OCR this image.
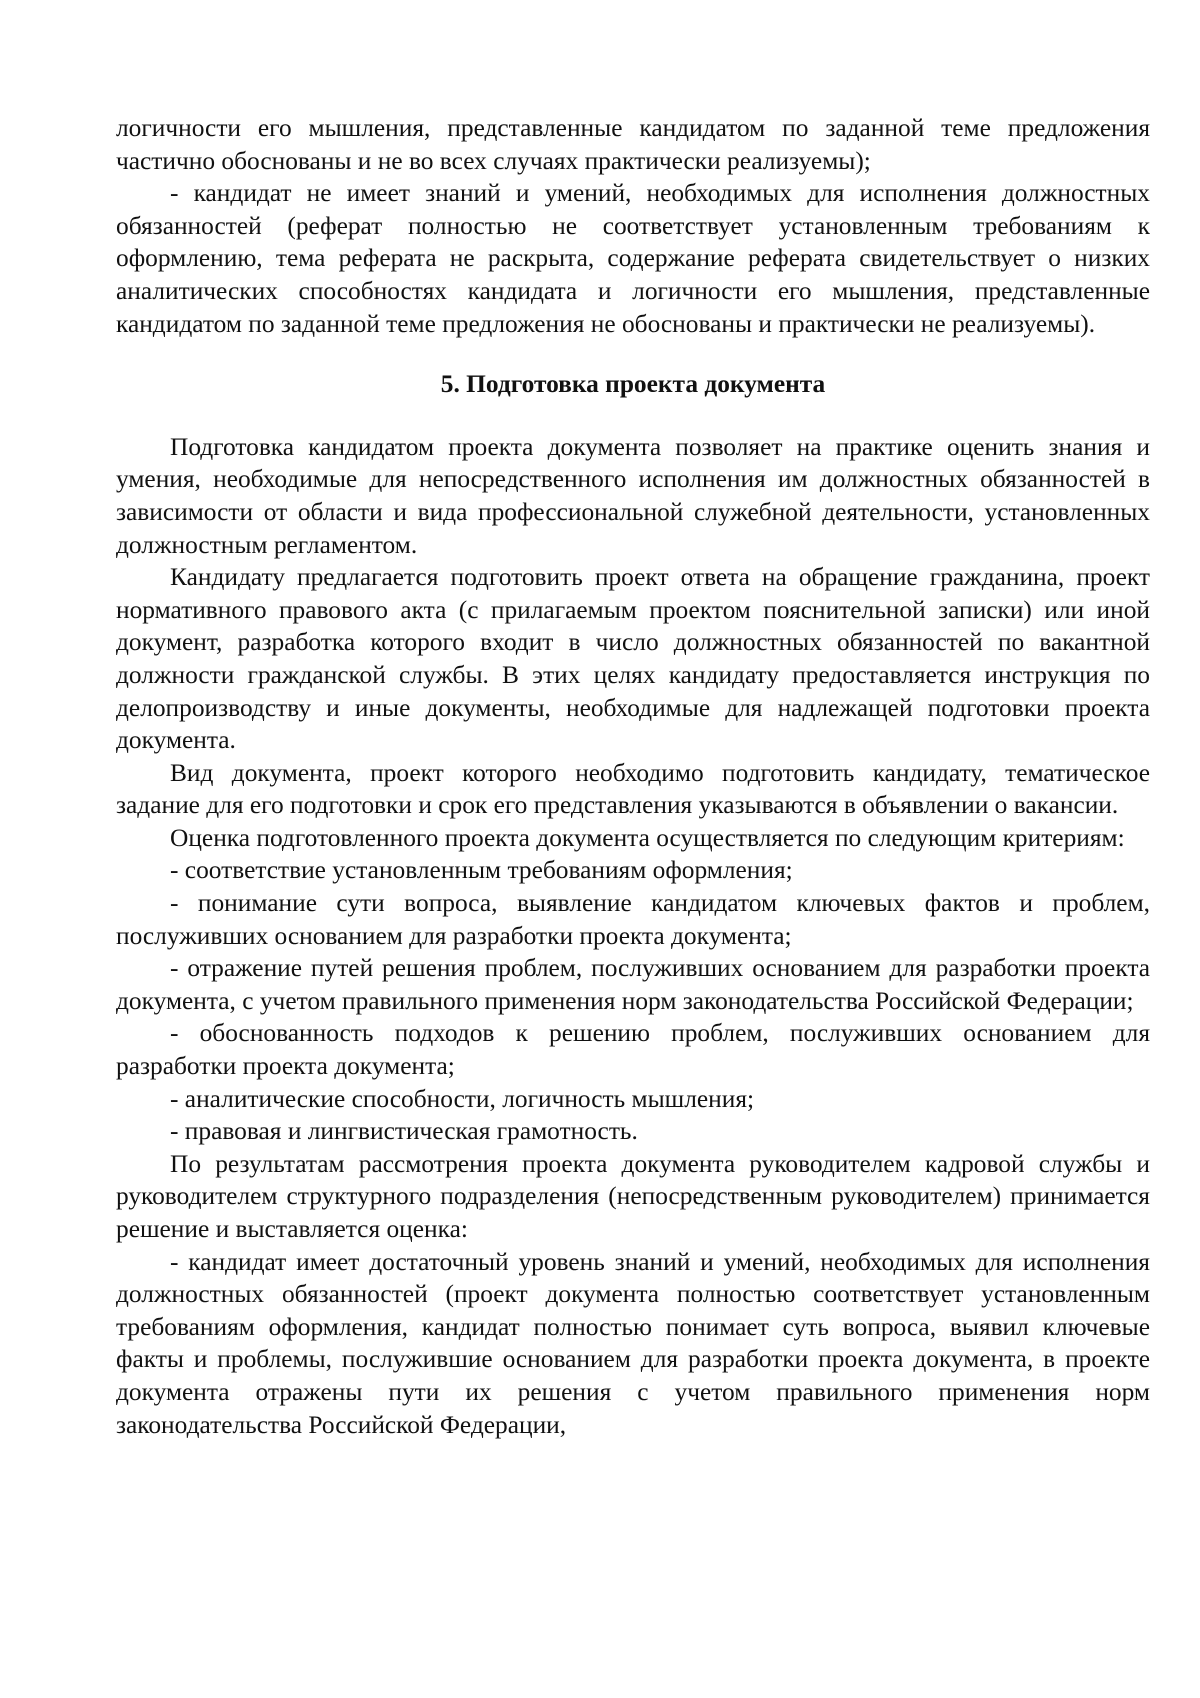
логичности его мышления, представленные кандидатом по заданной теме предложения частично обоснованы и не во всех случаях практически реализуемы);

- кандидат не имеет знаний и умений, необходимых для исполнения должностных обязанностей (реферат полностью не соответствует установленным требованиям к оформлению, тема реферата не раскрыта, содержание реферата свидетельствует о низких аналитических способностях кандидата и логичности его мышления, представленные кандидатом по заданной теме предложения не обоснованы и практически не реализуемы).

5. Подготовка проекта документа

Подготовка кандидатом проекта документа позволяет на практике оценить знания и умения, необходимые для непосредственного исполнения им должностных обязанностей в зависимости от области и вида профессиональной служебной деятельности, установленных должностным регламентом.

Кандидату предлагается подготовить проект ответа на обращение гражданина, проект нормативного правового акта (с прилагаемым проектом пояснительной записки) или иной документ, разработка которого входит в число должностных обязанностей по вакантной должности гражданской службы. В этих целях кандидату предоставляется инструкция по делопроизводству и иные документы, необходимые для надлежащей подготовки проекта документа.

Вид документа, проект которого необходимо подготовить кандидату, тематическое задание для его подготовки и срок его представления указываются в объявлении о вакансии.

Оценка подготовленного проекта документа осуществляется по следующим критериям:

- соответствие установленным требованиям оформления;

- понимание сути вопроса, выявление кандидатом ключевых фактов и проблем, послуживших основанием для разработки проекта документа;

- отражение путей решения проблем, послуживших основанием для разработки проекта документа, с учетом правильного применения норм законодательства Российской Федерации;

- обоснованность подходов к решению проблем, послуживших основанием для разработки проекта документа;

- аналитические способности, логичность мышления;

- правовая и лингвистическая грамотность.

По результатам рассмотрения проекта документа руководителем кадровой службы и руководителем структурного подразделения (непосредственным руководителем) принимается решение и выставляется оценка:

- кандидат имеет достаточный уровень знаний и умений, необходимых для исполнения должностных обязанностей (проект документа полностью соответствует установленным требованиям оформления, кандидат полностью понимает суть вопроса, выявил ключевые факты и проблемы, послужившие основанием для разработки проекта документа, в проекте документа отражены пути их решения с учетом правильного применения норм законодательства Российской Федерации,
